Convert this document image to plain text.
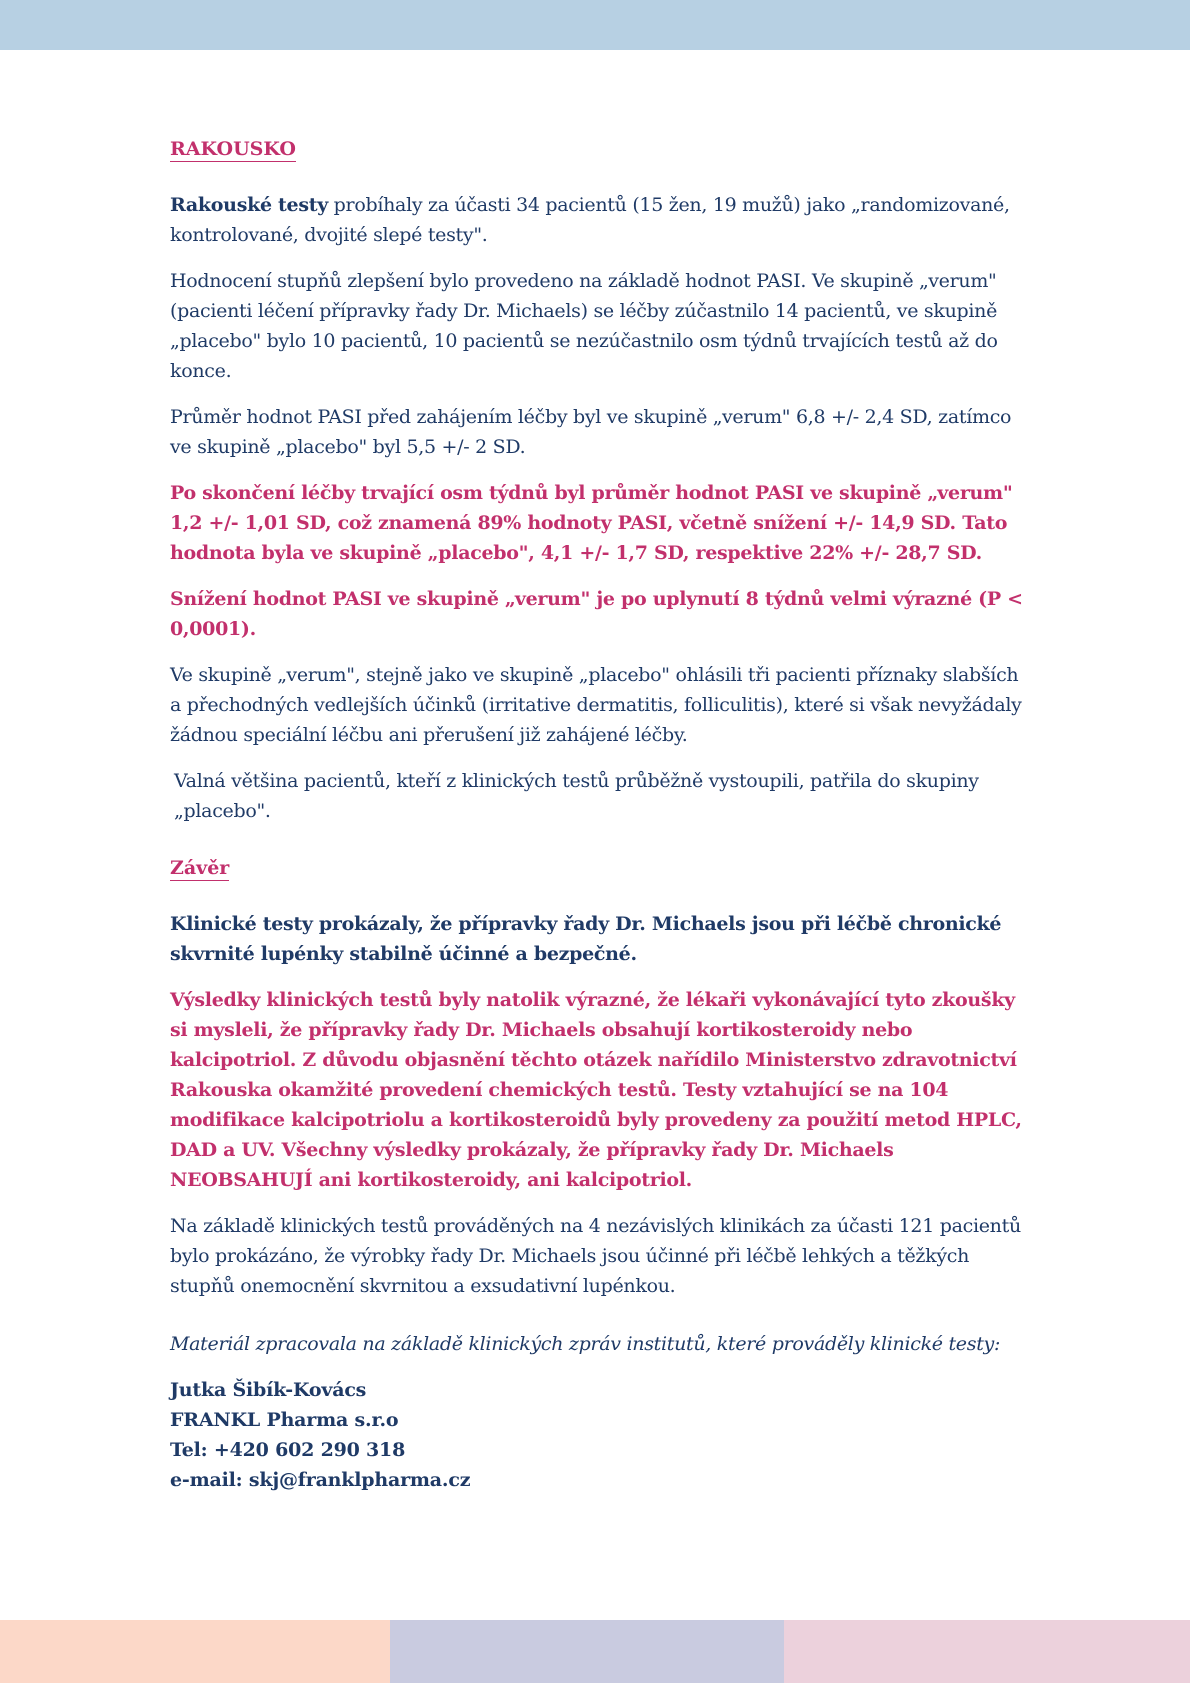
RAKOUSKO

Rakouské testy probíhaly za účasti 34 pacientů (15 žen, 19 mužů) jako „randomizované, kontrolované, dvojité slepé testy".

Hodnocení stupňů zlepšení bylo provedeno na základě hodnot PASI. Ve skupině „verum" (pacienti léčení přípravky řady Dr. Michaels) se léčby zúčastnilo 14 pacientů, ve skupině „placebo" bylo 10 pacientů, 10 pacientů se nezúčastnilo osm týdnů trvajících testů až do konce.

Průměr hodnot PASI před zahájením léčby byl ve skupině „verum" 6,8 +/- 2,4 SD, zatímco ve skupině „placebo" byl 5,5 +/- 2 SD.

Po skončení léčby trvající osm týdnů byl průměr hodnot PASI ve skupině „verum" 1,2 +/- 1,01 SD, což znamená 89% hodnoty PASI, včetně snížení +/- 14,9 SD. Tato hodnota byla ve skupině „placebo", 4,1 +/- 1,7 SD, respektive 22% +/- 28,7 SD.

Snížení hodnot PASI ve skupině „verum" je po uplynutí 8 týdnů velmi výrazné (P < 0,0001).

Ve skupině „verum", stejně jako ve skupině „placebo" ohlásili tři pacienti příznaky slabších a přechodných vedlejších účinků (irritative dermatitis, folliculitis), které si však nevyžádaly žádnou speciální léčbu ani přerušení již zahájené léčby.

Valná většina pacientů, kteří z klinických testů průběžně vystoupili, patřila do skupiny „placebo".

Závěr

Klinické testy prokázaly, že přípravky řady Dr. Michaels jsou při léčbě chronické skvrnité lupénky stabilně účinné a bezpečné.

Výsledky klinických testů byly natolik výrazné, že lékaři vykonávající tyto zkoušky si mysleli, že přípravky řady Dr. Michaels obsahují kortikosteroidy nebo kalcipotriol. Z důvodu objasnění těchto otázek nařídilo Ministerstvo zdravotnictví Rakouska okamžité provedení chemických testů. Testy vztahující se na 104 modifikace kalcipotriolu a kortikosteroidů byly provedeny za použití metod HPLC, DAD a UV. Všechny výsledky prokázaly, že přípravky řady Dr. Michaels NEOBSAHUJÍ ani kortikosteroidy, ani kalcipotriol.

Na základě klinických testů prováděných na 4 nezávislých klinikách za účasti 121 pacientů bylo prokázáno, že výrobky řady Dr. Michaels jsou účinné při léčbě lehkých a těžkých stupňů onemocnění skvrnitou a exsudativní lupénkou.

Materiál zpracovala na základě klinických zpráv institutů, které prováděly klinické testy:

Jutka Šibík-Kovács

FRANKL Pharma s.r.o

Tel: +420 602 290 318

e-mail: skj@franklpharma.cz
